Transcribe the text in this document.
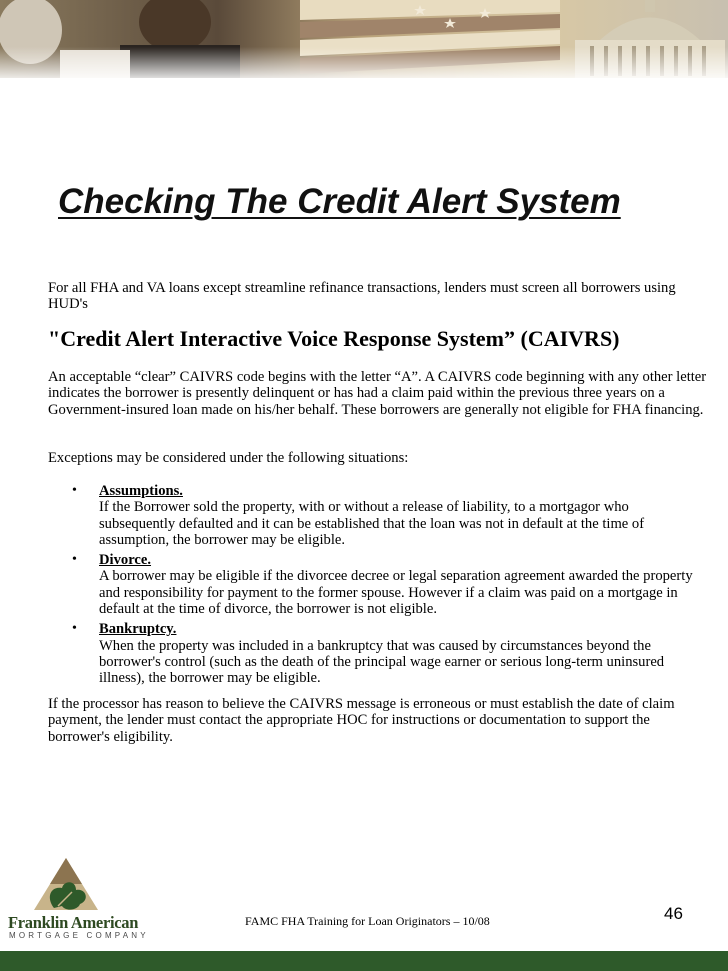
Checking The Credit Alert System
For all FHA and VA loans except streamline refinance transactions, lenders must screen all borrowers using HUD's
"Credit Alert Interactive Voice Response System” (CAIVRS)
An acceptable “clear” CAIVRS code begins with the letter “A”. A CAIVRS code beginning with any other letter indicates the borrower is presently delinquent or has had a claim paid within the previous three years on a Government-insured loan made on his/her behalf. These borrowers are generally not eligible for FHA financing.
Exceptions may be considered under the following situations:
• Assumptions.
If the Borrower sold the property, with or without a release of liability, to a mortgagor who subsequently defaulted and it can be established that the loan was not in default at the time of assumption, the borrower may be eligible.
• Divorce.
A borrower may be eligible if the divorcee decree or legal separation agreement awarded the property and responsibility for payment to the former spouse. However if a claim was paid on a mortgage in default at the time of divorce, the borrower is not eligible.
• Bankruptcy.
When the property was included in a bankruptcy that was caused by circumstances beyond the borrower's control (such as the death of the principal wage earner or serious long-term uninsured illness), the borrower may be eligible.
If the processor has reason to believe the CAIVRS message is erroneous or must establish the date of claim payment, the lender must contact the appropriate HOC for instructions or documentation to support the borrower's eligibility.
Franklin American
MORTGAGE COMPANY
FAMC FHA Training for Loan Originators – 10/08	46
